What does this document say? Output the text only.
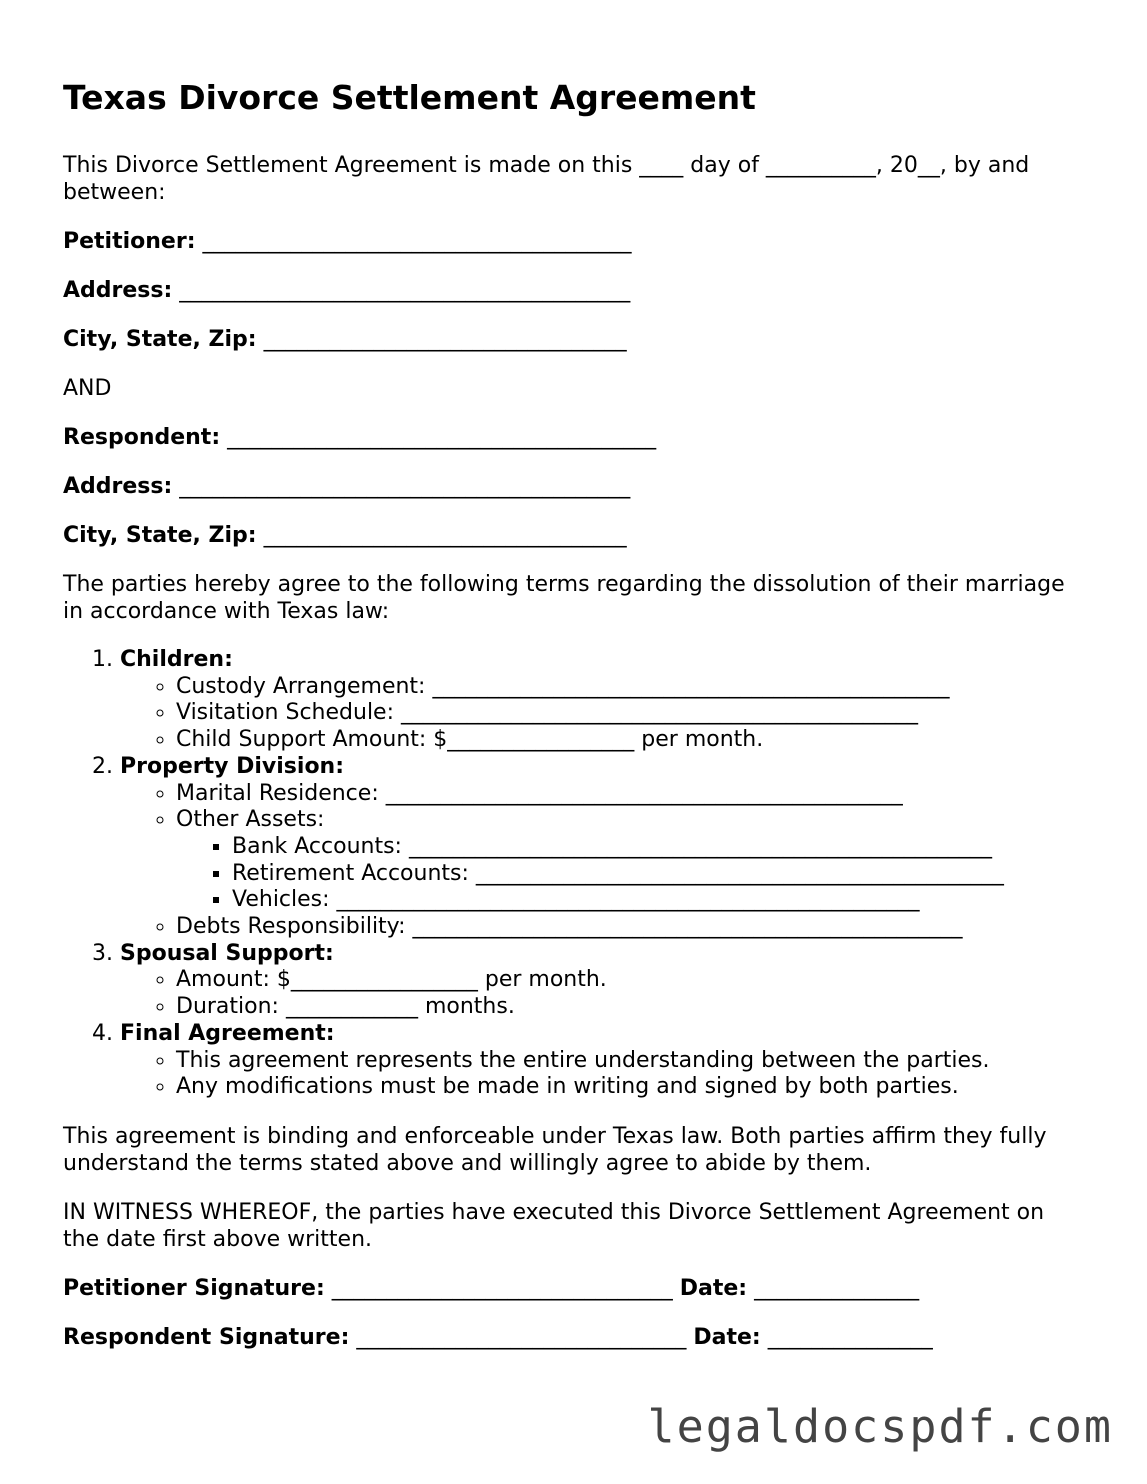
Texas Divorce Settlement Agreement

This Divorce Settlement Agreement is made on this ____ day of __________, 20__, by and between:

Petitioner: _______________________________________

Address: _________________________________________

City, State, Zip: _________________________________

AND

Respondent: _______________________________________

Address: _________________________________________

City, State, Zip: _________________________________

The parties hereby agree to the following terms regarding the dissolution of their marriage in accordance with Texas law:

1. Children:
◦ Custody Arrangement: _______________________________________________
◦ Visitation Schedule: _______________________________________________
◦ Child Support Amount: $_________________ per month.
2. Property Division:
◦ Marital Residence: _______________________________________________
◦ Other Assets:
▪ Bank Accounts: _____________________________________________________
▪ Retirement Accounts: ________________________________________________
▪ Vehicles: _____________________________________________________
◦ Debts Responsibility: __________________________________________________
3. Spousal Support:
◦ Amount: $_________________ per month.
◦ Duration: ____________ months.
4. Final Agreement:
◦ This agreement represents the entire understanding between the parties.
◦ Any modifications must be made in writing and signed by both parties.

This agreement is binding and enforceable under Texas law. Both parties affirm they fully understand the terms stated above and willingly agree to abide by them.

IN WITNESS WHEREOF, the parties have executed this Divorce Settlement Agreement on the date first above written.

Petitioner Signature: _______________________________ Date: _______________

Respondent Signature: ______________________________ Date: _______________

legaldocspdf.com
